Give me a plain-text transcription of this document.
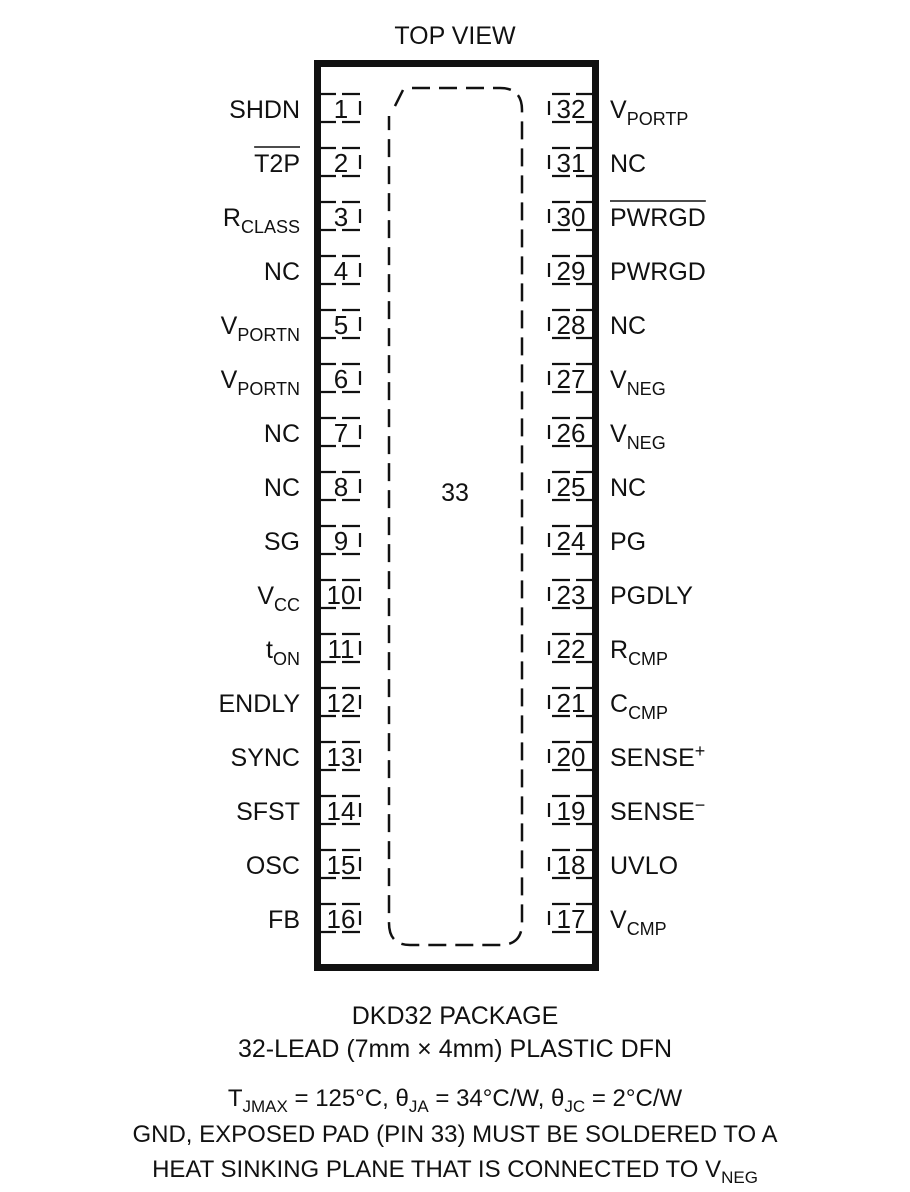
TOP VIEW
33
1
SHDN
2
T2P
3
$R_{CLASS}$
4
NC
5
$V_{PORTN}$
6
$V_{PORTN}$
7
NC
8
NC
9
SG
10
$V_{CC}$
11
$t_{ON}$
12
ENDLY
13
SYNC
14
SFST
15
OSC
16
FB
32 $V_{PORTP}$
31 NC
30 PWRGD
29 PWRGD
28 NC
27 $V_{NEG}$
26 $V_{NEG}$
25 NC
24 PG
23 PGDLY
22 $R_{CMP}$
21 $C_{CMP}$
20 SENSE+
19 SENSE−
18 UVLO
17 $V_{CMP}$
DKD32 PACKAGE
32-LEAD (7mm × 4mm) PLASTIC DFN
$T_{JMAX} = 125^\circ C$, $\theta_{JA} = 34^\circ C/W$, $\theta_{JC} = 2^\circ C/W$
GND, EXPOSED PAD (PIN 33) MUST BE SOLDERED TO A
HEAT SINKING PLANE THAT IS CONNECTED TO $V_{NEG}$
